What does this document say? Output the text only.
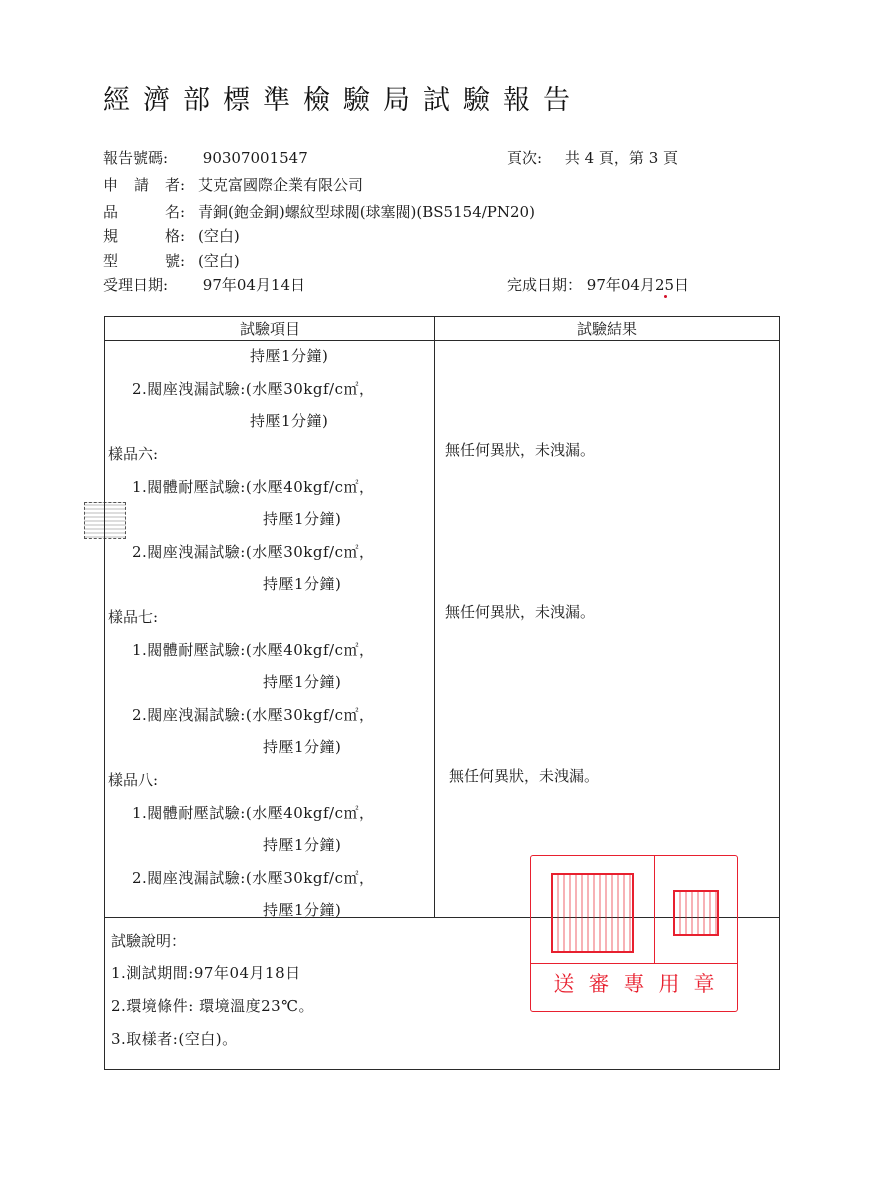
經濟部標準檢驗局試驗報告
報告號碼: 90307001547	頁次: 共 4 頁，第 3 頁
申 請 者: 艾克富國際企業有限公司
品	名: 青銅(鉋金銅)螺紋型球閥(球塞閥)(BS5154/PN20)
規	格: (空白)
型	號: (空白)
受理日期: 97年04月14日	完成日期： 97年04月25日
試驗項目	試驗結果
持壓1分鐘)
2.閥座洩漏試驗:(水壓30kgf/c㎡，
持壓1分鐘)
樣品六:	無任何異狀，未洩漏。
1.閥體耐壓試驗:(水壓40kgf/c㎡，
持壓1分鐘)
2.閥座洩漏試驗:(水壓30kgf/c㎡，
持壓1分鐘)
樣品七:	無任何異狀，未洩漏。
1.閥體耐壓試驗:(水壓40kgf/c㎡，
持壓1分鐘)
2.閥座洩漏試驗:(水壓30kgf/c㎡，
持壓1分鐘)
樣品八:	無任何異狀，未洩漏。
1.閥體耐壓試驗:(水壓40kgf/c㎡，
持壓1分鐘)
2.閥座洩漏試驗:(水壓30kgf/c㎡，
持壓1分鐘)
試驗說明：
1.測試期間:97年04月18日
2.環境條件: 環境溫度23℃。
3.取樣者:(空白)。
送審專用章
